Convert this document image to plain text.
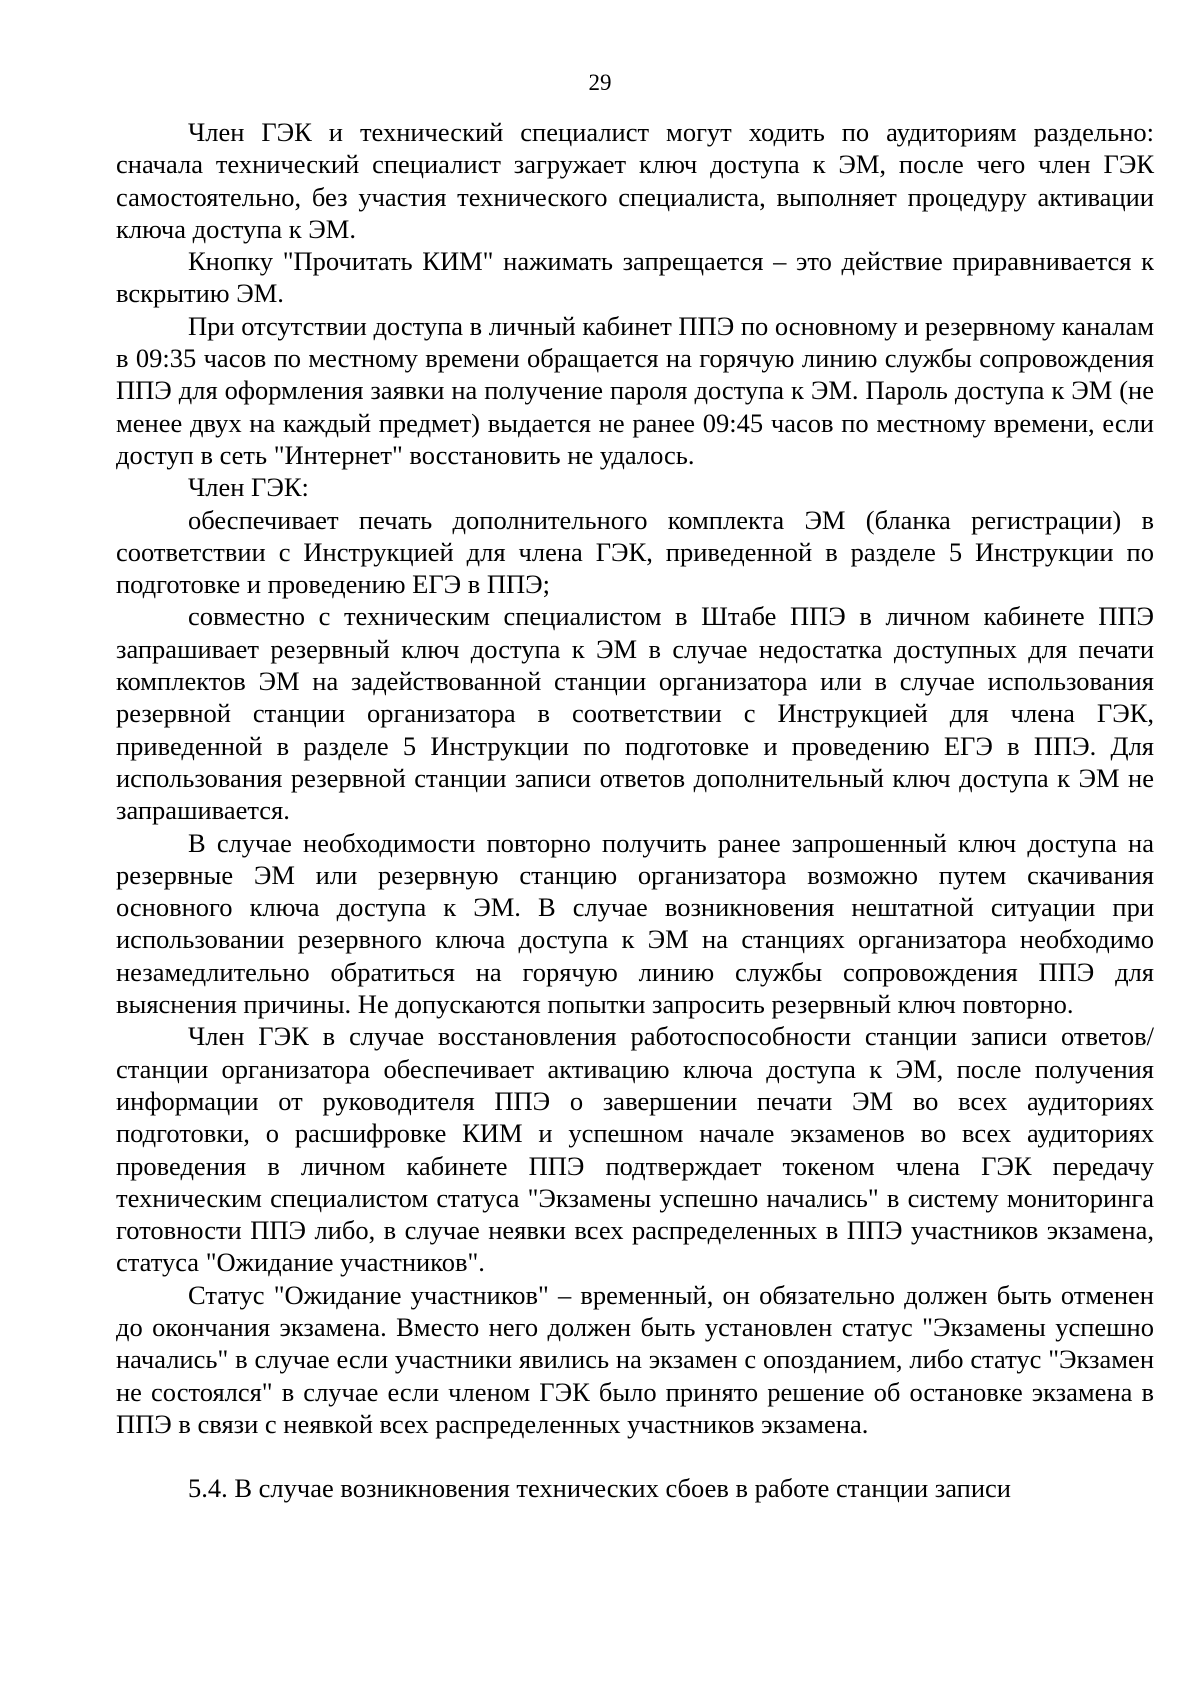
29

Член ГЭК и технический специалист могут ходить по аудиториям раздельно: сначала технический специалист загружает ключ доступа к ЭМ, после чего член ГЭК самостоятельно, без участия технического специалиста, выполняет процедуру активации ключа доступа к ЭМ.

Кнопку "Прочитать КИМ" нажимать запрещается – это действие приравнивается к вскрытию ЭМ.

При отсутствии доступа в личный кабинет ППЭ по основному и резервному каналам в 09:35 часов по местному времени обращается на горячую линию службы сопровождения ППЭ для оформления заявки на получение пароля доступа к ЭМ. Пароль доступа к ЭМ (не менее двух на каждый предмет) выдается не ранее 09:45 часов по местному времени, если доступ в сеть "Интернет" восстановить не удалось.

Член ГЭК:

обеспечивает печать дополнительного комплекта ЭМ (бланка регистрации) в соответствии с Инструкцией для члена ГЭК, приведенной в разделе 5 Инструкции по подготовке и проведению ЕГЭ в ППЭ;

совместно с техническим специалистом в Штабе ППЭ в личном кабинете ППЭ запрашивает резервный ключ доступа к ЭМ в случае недостатка доступных для печати комплектов ЭМ на задействованной станции организатора или в случае использования резервной станции организатора в соответствии с Инструкцией для члена ГЭК, приведенной в разделе 5 Инструкции по подготовке и проведению ЕГЭ в ППЭ. Для использования резервной станции записи ответов дополнительный ключ доступа к ЭМ не запрашивается.

В случае необходимости повторно получить ранее запрошенный ключ доступа на резервные ЭМ или резервную станцию организатора возможно путем скачивания основного ключа доступа к ЭМ. В случае возникновения нештатной ситуации при использовании резервного ключа доступа к ЭМ на станциях организатора необходимо незамедлительно обратиться на горячую линию службы сопровождения ППЭ для выяснения причины. Не допускаются попытки запросить резервный ключ повторно.

Член ГЭК в случае восстановления работоспособности станции записи ответов/станции организатора обеспечивает активацию ключа доступа к ЭМ, после получения информации от руководителя ППЭ о завершении печати ЭМ во всех аудиториях подготовки, о расшифровке КИМ и успешном начале экзаменов во всех аудиториях проведения в личном кабинете ППЭ подтверждает токеном члена ГЭК передачу техническим специалистом статуса "Экзамены успешно начались" в систему мониторинга готовности ППЭ либо, в случае неявки всех распределенных в ППЭ участников экзамена, статуса "Ожидание участников".

Статус "Ожидание участников" – временный, он обязательно должен быть отменен до окончания экзамена. Вместо него должен быть установлен статус "Экзамены успешно начались" в случае если участники явились на экзамен с опозданием, либо статус "Экзамен не состоялся" в случае если членом ГЭК было принято решение об остановке экзамена в ППЭ в связи с неявкой всех распределенных участников экзамена.

5.4. В случае возникновения технических сбоев в работе станции записи
